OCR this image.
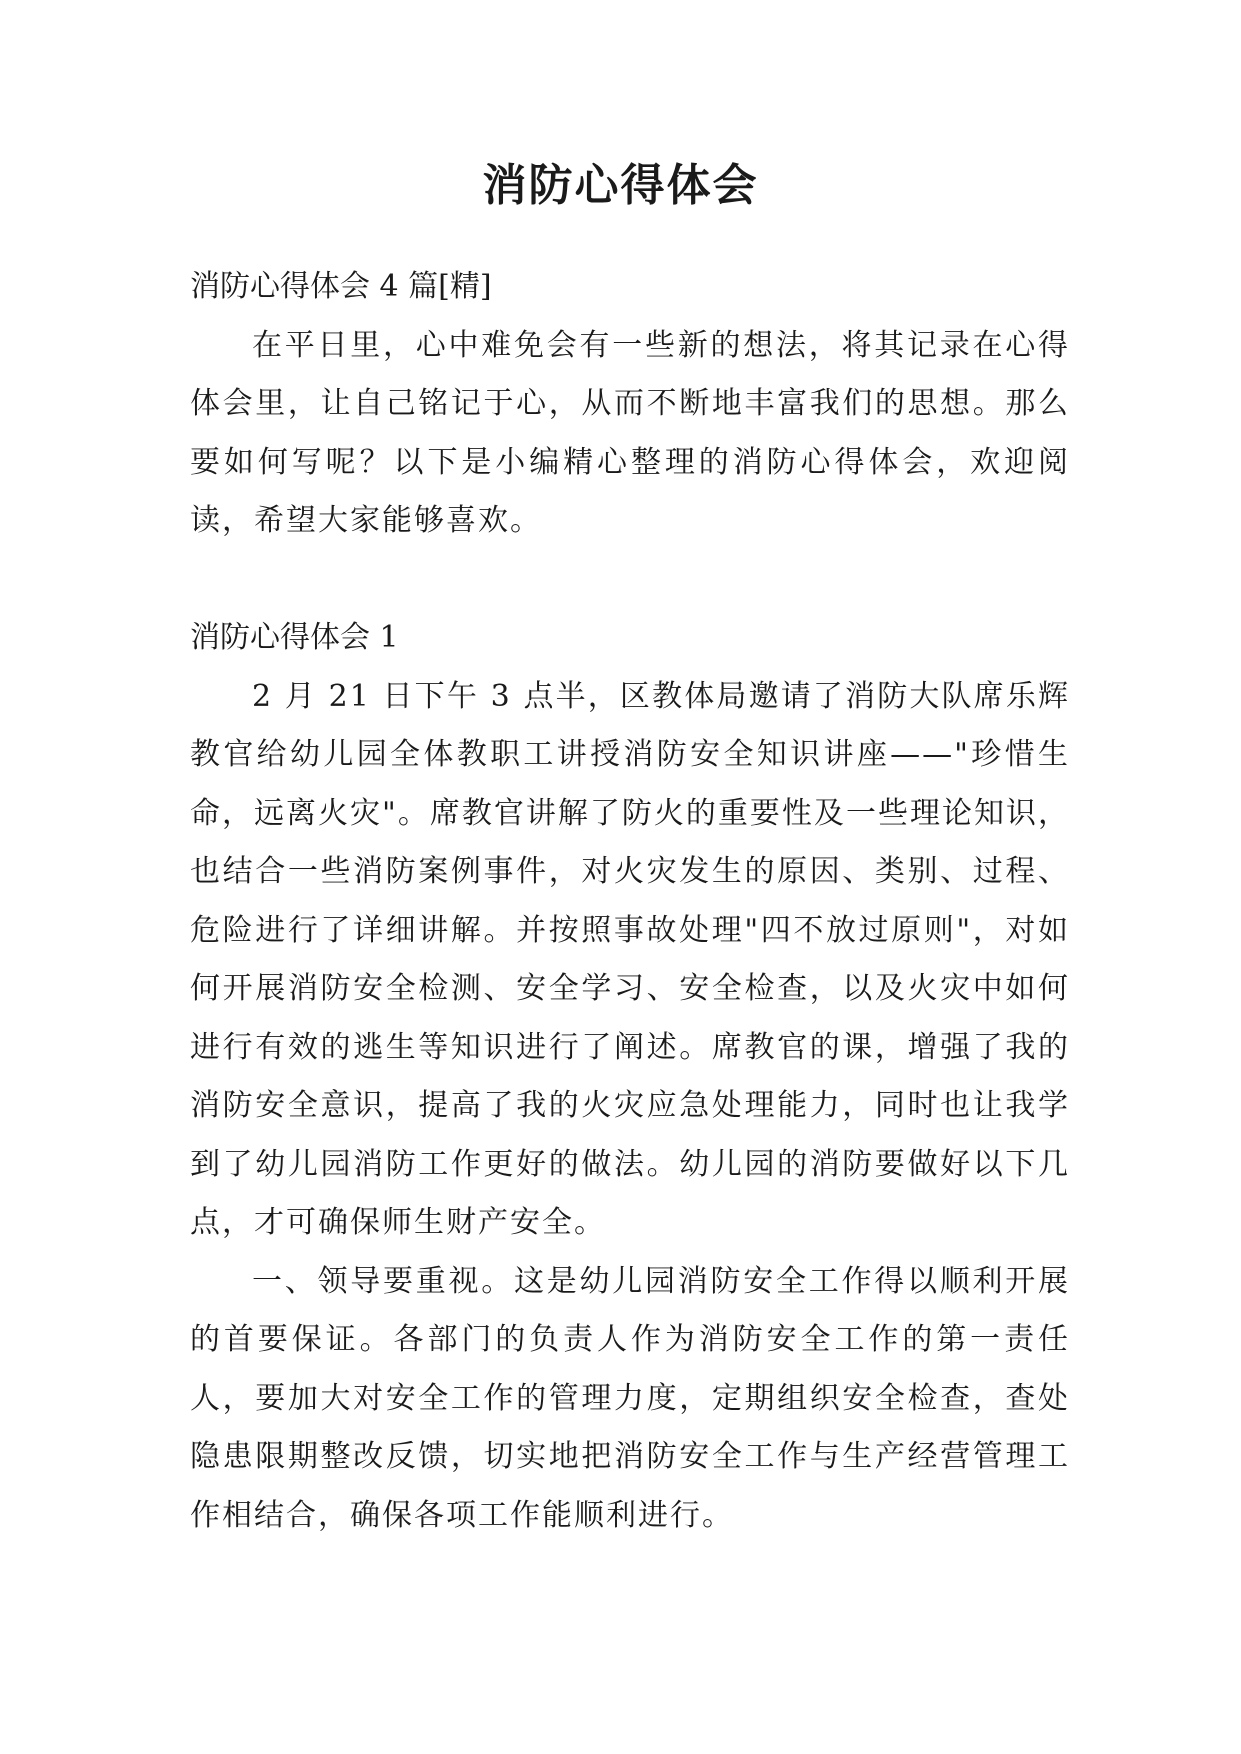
消防心得体会

消防心得体会 4 篇[精]

在平日里，心中难免会有一些新的想法，将其记录在心得体会里，让自己铭记于心，从而不断地丰富我们的思想。那么要如何写呢？以下是小编精心整理的消防心得体会，欢迎阅读，希望大家能够喜欢。

消防心得体会 1

2 月 21 日下午 3 点半，区教体局邀请了消防大队席乐辉教官给幼儿园全体教职工讲授消防安全知识讲座——"珍惜生命，远离火灾"。席教官讲解了防火的重要性及一些理论知识，也结合一些消防案例事件，对火灾发生的原因、类别、过程、危险进行了详细讲解。并按照事故处理"四不放过原则"，对如何开展消防安全检测、安全学习、安全检查，以及火灾中如何进行有效的逃生等知识进行了阐述。席教官的课，增强了我的消防安全意识，提高了我的火灾应急处理能力，同时也让我学到了幼儿园消防工作更好的做法。幼儿园的消防要做好以下几点，才可确保师生财产安全。

一、领导要重视。这是幼儿园消防安全工作得以顺利开展的首要保证。各部门的负责人作为消防安全工作的第一责任人，要加大对安全工作的管理力度，定期组织安全检查，查处隐患限期整改反馈，切实地把消防安全工作与生产经营管理工作相结合，确保各项工作能顺利进行。
